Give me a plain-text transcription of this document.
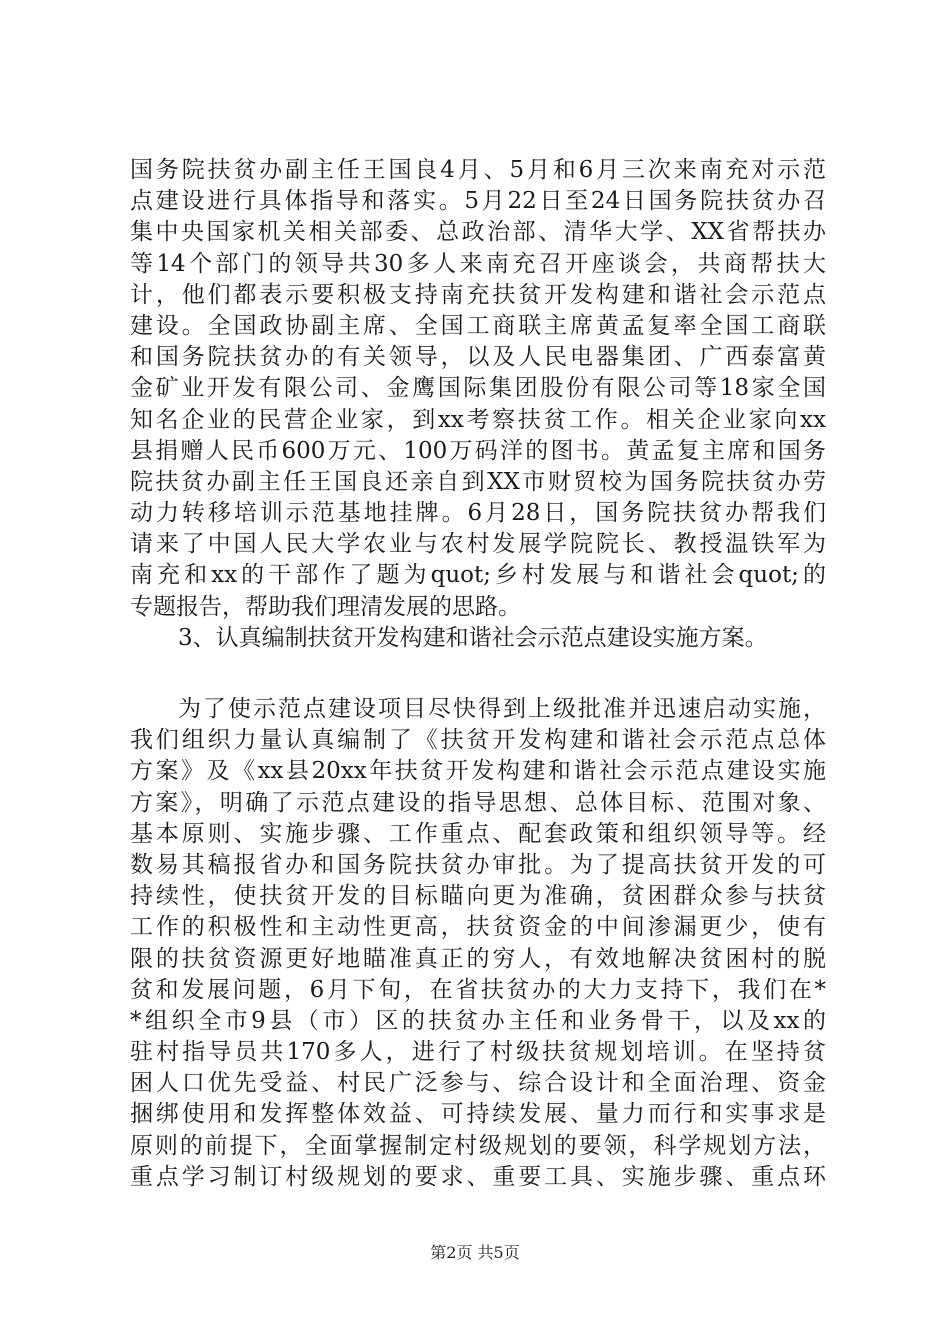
国务院扶贫办副主任王国良4月、5月和6月三次来南充对示范
点建设进行具体指导和落实。5月22日至24日国务院扶贫办召
集中央国家机关相关部委、总政治部、清华大学、XX省帮扶办
等14个部门的领导共30多人来南充召开座谈会，共商帮扶大
计，他们都表示要积极支持南充扶贫开发构建和谐社会示范点
建设。全国政协副主席、全国工商联主席黄孟复率全国工商联
和国务院扶贫办的有关领导，以及人民电器集团、广西泰富黄
金矿业开发有限公司、金鹰国际集团股份有限公司等18家全国
知名企业的民营企业家，到xx考察扶贫工作。相关企业家向xx
县捐赠人民币600万元、100万码洋的图书。黄孟复主席和国务
院扶贫办副主任王国良还亲自到XX市财贸校为国务院扶贫办劳
动力转移培训示范基地挂牌。6月28日，国务院扶贫办帮我们
请来了中国人民大学农业与农村发展学院院长、教授温铁军为
南充和xx的干部作了题为quot;乡村发展与和谐社会quot;的
专题报告，帮助我们理清发展的思路。
3、认真编制扶贫开发构建和谐社会示范点建设实施方案。
为了使示范点建设项目尽快得到上级批准并迅速启动实施，
我们组织力量认真编制了《扶贫开发构建和谐社会示范点总体
方案》及《xx县20xx年扶贫开发构建和谐社会示范点建设实施
方案》，明确了示范点建设的指导思想、总体目标、范围对象、
基本原则、实施步骤、工作重点、配套政策和组织领导等。经
数易其稿报省办和国务院扶贫办审批。为了提高扶贫开发的可
持续性，使扶贫开发的目标瞄向更为准确，贫困群众参与扶贫
工作的积极性和主动性更高，扶贫资金的中间渗漏更少，使有
限的扶贫资源更好地瞄准真正的穷人，有效地解决贫困村的脱
贫和发展问题，6月下旬，在省扶贫办的大力支持下，我们在*
*组织全市9县（市）区的扶贫办主任和业务骨干，以及xx的
驻村指导员共170多人，进行了村级扶贫规划培训。在坚持贫
困人口优先受益、村民广泛参与、综合设计和全面治理、资金
捆绑使用和发挥整体效益、可持续发展、量力而行和实事求是
原则的前提下，全面掌握制定村级规划的要领，科学规划方法，
重点学习制订村级规划的要求、重要工具、实施步骤、重点环
第2页 共5页
